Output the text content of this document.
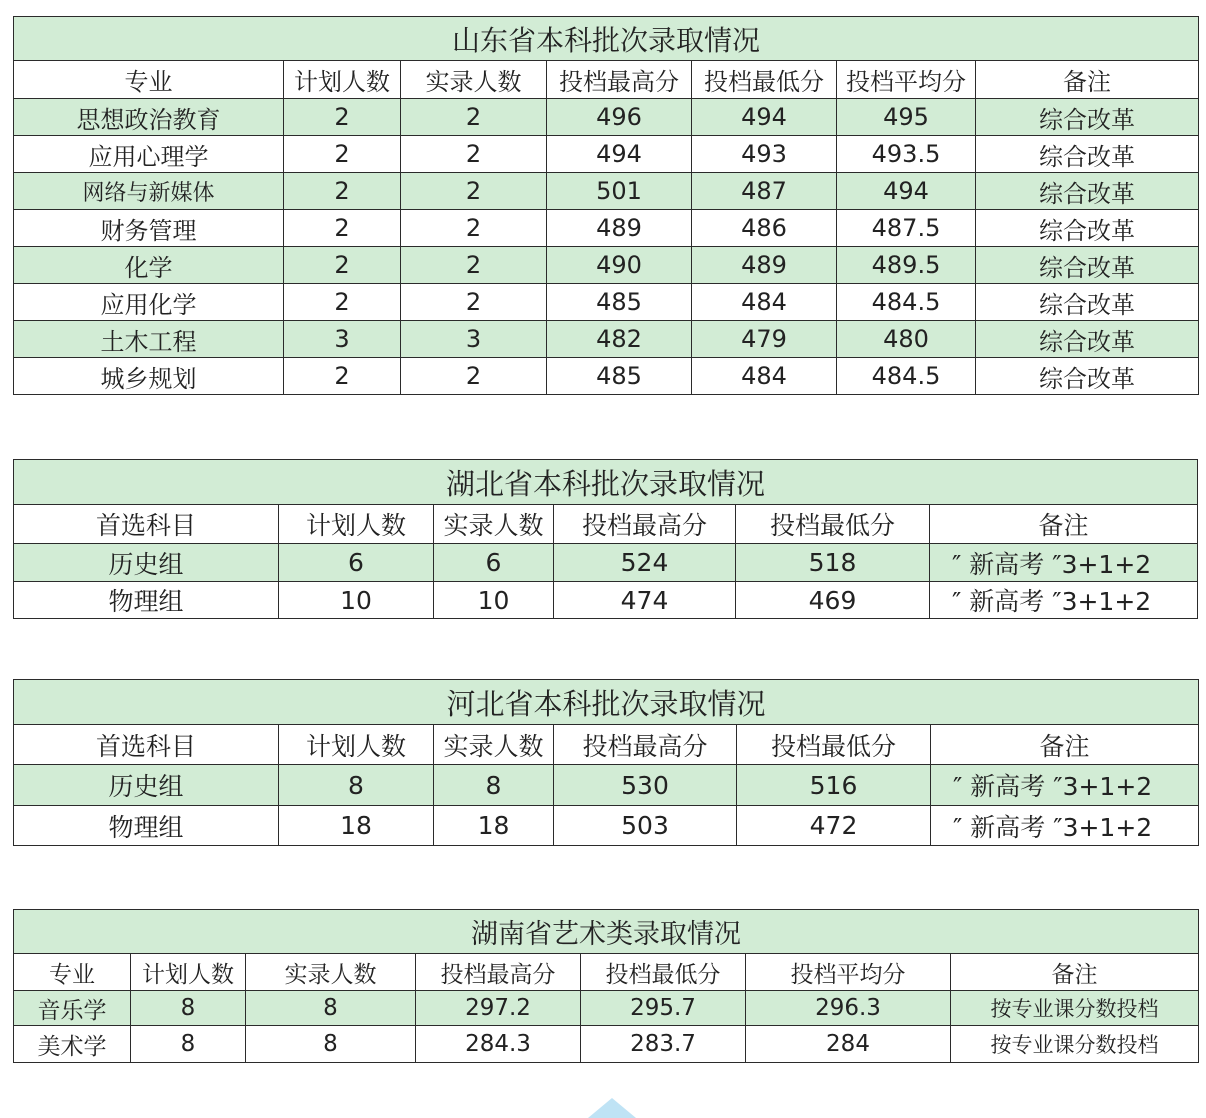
山东省本科批次录取情况						
专业	计划人数	实录人数	投档最高分	投档最低分	投档平均分	备注
思想政治教育	2	2	496	494	495	综合改革
应用心理学	2	2	494	493	493.5	综合改革
网络与新媒体	2	2	501	487	494	综合改革
财务管理	2	2	489	486	487.5	综合改革
化学	2	2	490	489	489.5	综合改革
应用化学	2	2	485	484	484.5	综合改革
土木工程	3	3	482	479	480	综合改革
城乡规划	2	2	485	484	484.5	综合改革
湖北省本科批次录取情况					
首选科目	计划人数	实录人数	投档最高分	投档最低分	备注
历史组	6	6	524	518	″ 新高考 ″3+1+2
物理组	10	10	474	469	″ 新高考 ″3+1+2
河北省本科批次录取情况					
首选科目	计划人数	实录人数	投档最高分	投档最低分	备注
历史组	8	8	530	516	″ 新高考 ″3+1+2
物理组	18	18	503	472	″ 新高考 ″3+1+2
湖南省艺术类录取情况						
专业	计划人数	实录人数	投档最高分	投档最低分	投档平均分	备注
音乐学	8	8	297.2	295.7	296.3	按专业课分数投档
美术学	8	8	284.3	283.7	284	按专业课分数投档
